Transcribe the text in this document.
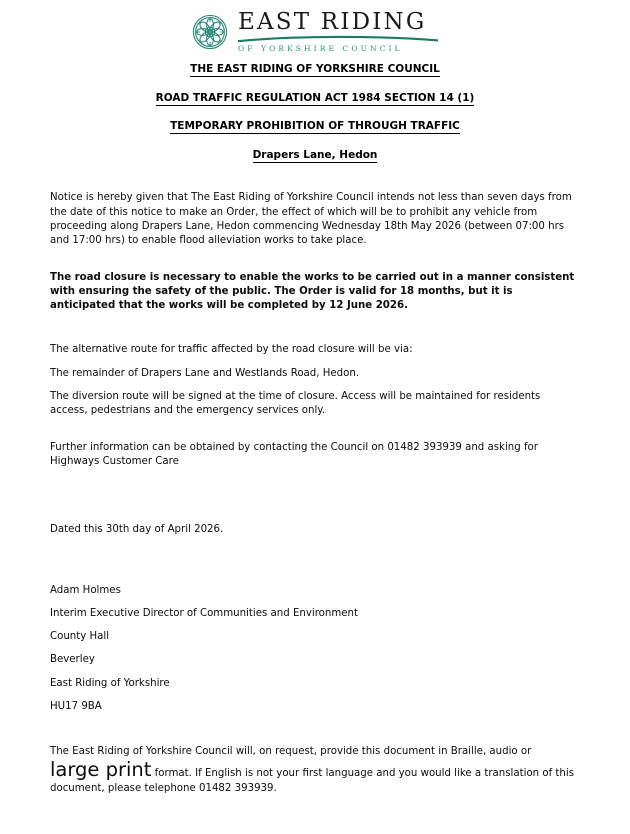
EAST RIDING
OF YORKSHIRE COUNCIL
THE EAST RIDING OF YORKSHIRE COUNCIL
ROAD TRAFFIC REGULATION ACT 1984 SECTION 14 (1)
TEMPORARY PROHIBITION OF THROUGH TRAFFIC
Drapers Lane, Hedon

Notice is hereby given that The East Riding of Yorkshire Council intends not less than seven days from the date of this notice to make an Order, the effect of which will be to prohibit any vehicle from proceeding along Drapers Lane, Hedon commencing Wednesday 18th May 2026 (between 07:00 hrs and 17:00 hrs) to enable flood alleviation works to take place.

The road closure is necessary to enable the works to be carried out in a manner consistent with ensuring the safety of the public. The Order is valid for 18 months, but it is anticipated that the works will be completed by 12 June 2026.

The alternative route for traffic affected by the road closure will be via:

The remainder of Drapers Lane and Westlands Road, Hedon.

The diversion route will be signed at the time of closure. Access will be maintained for residents access, pedestrians and the emergency services only.

Further information can be obtained by contacting the Council on 01482 393939 and asking for Highways Customer Care

Dated this 30th day of April 2026.

Adam Holmes

Interim Executive Director of Communities and Environment

County Hall

Beverley

East Riding of Yorkshire

HU17 9BA

The East Riding of Yorkshire Council will, on request, provide this document in Braille, audio or large print format. If English is not your first language and you would like a translation of this document, please telephone 01482 393939.
